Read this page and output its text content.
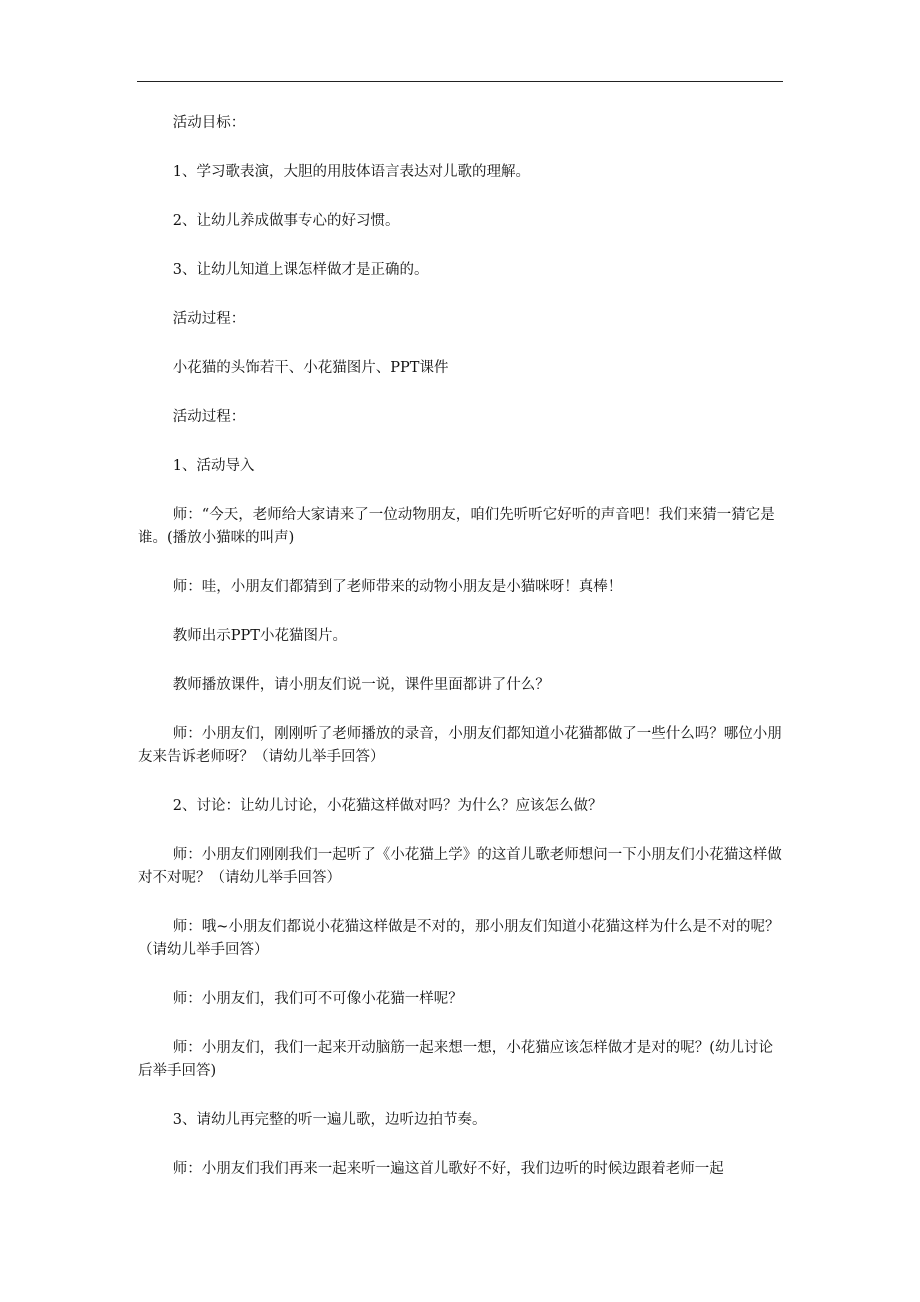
活动目标：

1、学习歌表演，大胆的用肢体语言表达对儿歌的理解。

2、让幼儿养成做事专心的好习惯。

3、让幼儿知道上课怎样做才是正确的。

活动过程：

小花猫的头饰若干、小花猫图片、PPT课件

活动过程：

1、活动导入

师：“今天，老师给大家请来了一位动物朋友，咱们先听听它好听的声音吧！我们来猜一猜它是谁。(播放小猫咪的叫声)

师：哇，小朋友们都猜到了老师带来的动物小朋友是小猫咪呀！真棒！

教师出示PPT小花猫图片。

教师播放课件，请小朋友们说一说，课件里面都讲了什么？

师：小朋友们，刚刚听了老师播放的录音，小朋友们都知道小花猫都做了一些什么吗？哪位小朋友来告诉老师呀？（请幼儿举手回答）

2、讨论：让幼儿讨论，小花猫这样做对吗？为什么？应该怎么做？

师：小朋友们刚刚我们一起听了《小花猫上学》的这首儿歌老师想问一下小朋友们小花猫这样做对不对呢？（请幼儿举手回答）

师：哦~小朋友们都说小花猫这样做是不对的，那小朋友们知道小花猫这样为什么是不对的呢？（请幼儿举手回答）

师：小朋友们，我们可不可像小花猫一样呢？

师：小朋友们，我们一起来开动脑筋一起来想一想，小花猫应该怎样做才是对的呢？(幼儿讨论后举手回答)

3、请幼儿再完整的听一遍儿歌，边听边拍节奏。

师：小朋友们我们再来一起来听一遍这首儿歌好不好，我们边听的时候边跟着老师一起
